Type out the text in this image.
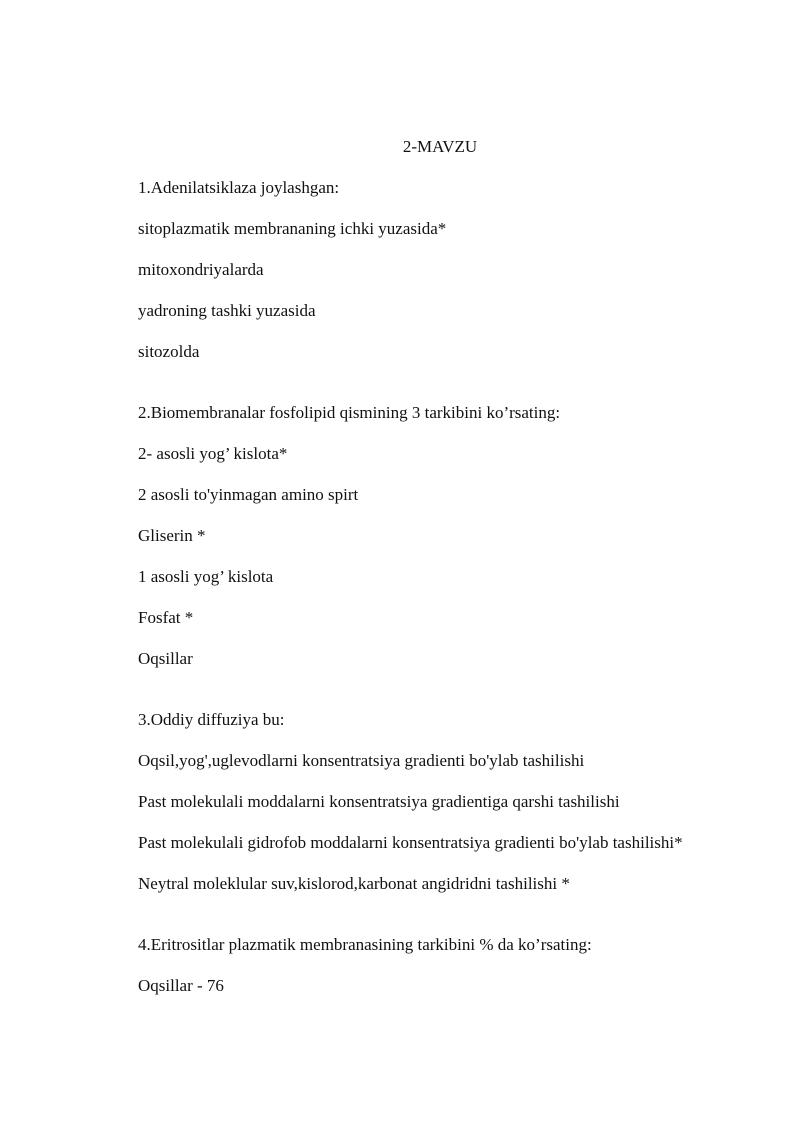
2-MAVZU
1.Adenilatsiklaza joylashgan:
sitoplazmatik membrananing ichki yuzasida*
mitoxondriyalarda
yadroning tashki yuzasida
sitozolda
2.Biomembranalar fosfolipid qismining 3 tarkibini ko’rsating:
2- asosli yog’ kislota*
2 asosli to'yinmagan amino spirt
Gliserin *
1 asosli yog’ kislota
Fosfat *
Oqsillar
3.Oddiy diffuziya bu:
Oqsil,yog',uglevodlarni konsentratsiya gradienti bo'ylab tashilishi
Past molekulali moddalarni konsentratsiya gradientiga qarshi tashilishi
Past molekulali gidrofob moddalarni konsentratsiya gradienti bo'ylab tashilishi*
Neytral moleklular suv,kislorod,karbonat angidridni tashilishi *
4.Eritrositlar plazmatik membranasining tarkibini % da ko’rsating:
Oqsillar - 76
